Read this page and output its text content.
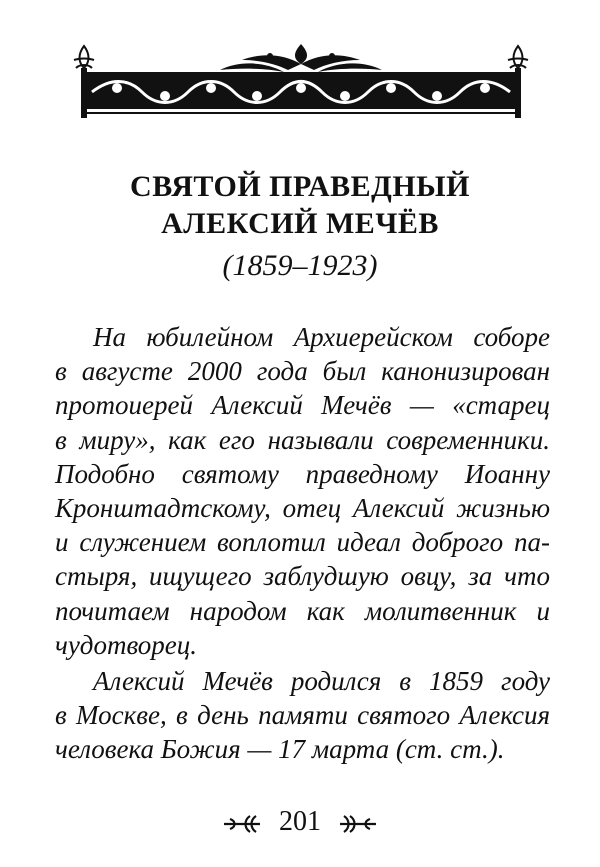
СВЯТОЙ ПРАВЕДНЫЙ
АЛЕКСИЙ МЕЧЁВ
(1859–1923)

На юбилейном Архиерейском соборе
в августе 2000 года был канонизирован
протоиерей Алексий Мечёв — «старец
в миру», как его называли современники.
Подобно святому праведному Иоанну
Кронштадтскому, отец Алексий жизнью
и служением воплотил идеал доброго па-
стыря, ищущего заблудшую овцу, за что
почитаем народом как молитвенник и
чудотворец.

Алексий Мечёв родился в 1859 году
в Москве, в день памяти святого Алексия
человека Божия — 17 марта (ст. ст.).

201
